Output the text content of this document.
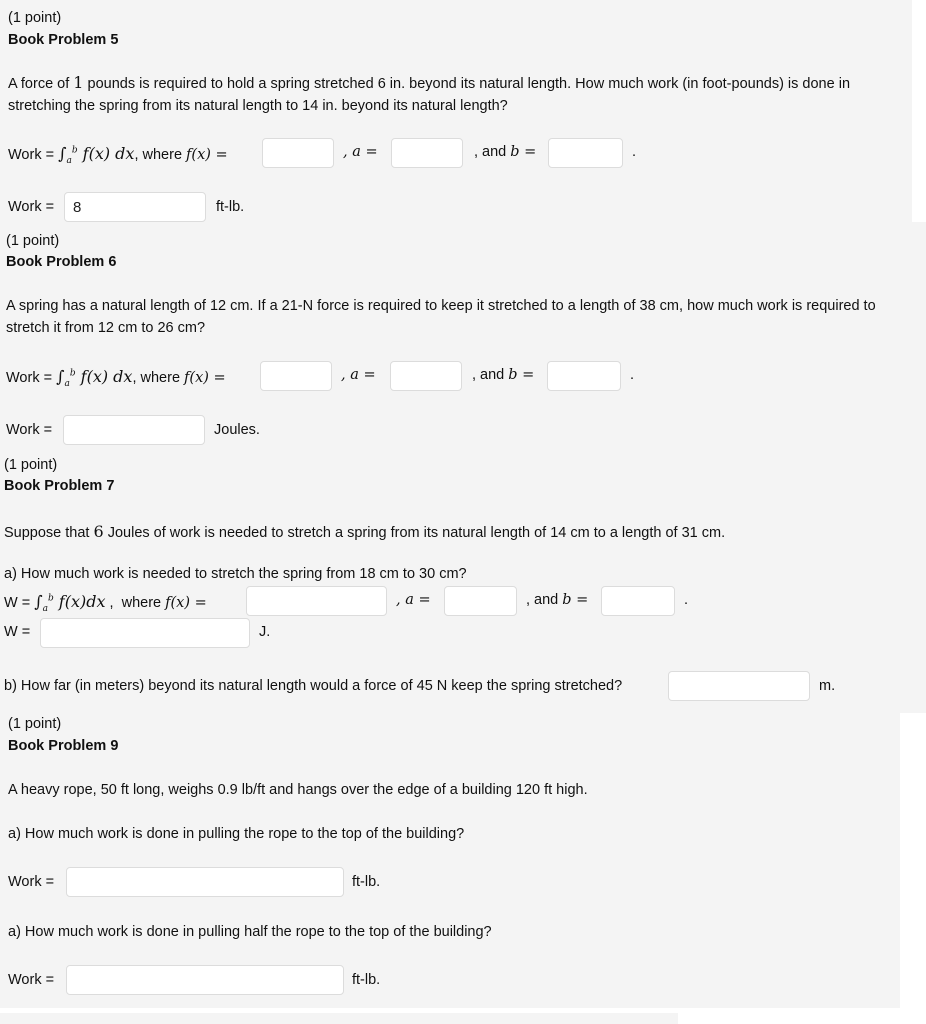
(1 point)
Book Problem 5
A force of 1 pounds is required to hold a spring stretched 6 in. beyond its natural length. How much work (in foot-pounds) is done in stretching the spring from its natural length to 14 in. beyond its natural length?
Work = $\int_a^b$ f(x) dx, where f(x) =	, a =	, and b =	.
Work =
8	ft-lb.
(1 point)
Book Problem 6
A spring has a natural length of 12 cm. If a 21-N force is required to keep it stretched to a length of 38 cm, how much work is required to stretch it from 12 cm to 26 cm?
Work = $\int_a^b$ f(x) dx, where f(x) =	, a =	, and b =	.
Work =	Joules.
(1 point)
Book Problem 7
Suppose that 6 Joules of work is needed to stretch a spring from its natural length of 14 cm to a length of 31 cm.
a) How much work is needed to stretch the spring from 18 cm to 30 cm?
$W = \int_a^b$ f(x)dx ,  where f(x) =	, a =	, and b =	.
W =	J.
b) How far (in meters) beyond its natural length would a force of 45 N keep the spring stretched?	m.
(1 point)
Book Problem 9
A heavy rope, 50 ft long, weighs 0.9 lb/ft and hangs over the edge of a building 120 ft high.
a) How much work is done in pulling the rope to the top of the building?
Work =	ft-lb.
a) How much work is done in pulling half the rope to the top of the building?
Work =	ft-lb.
